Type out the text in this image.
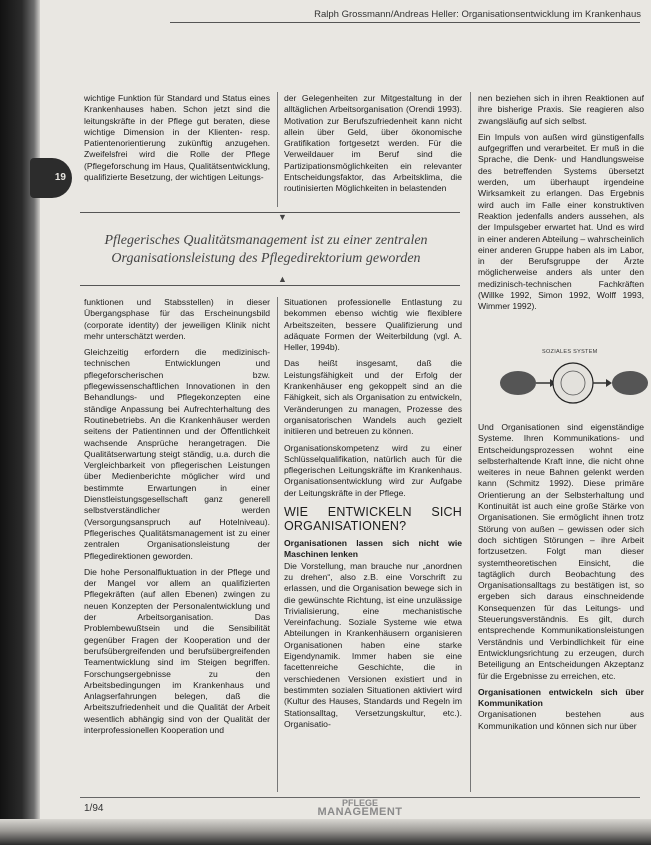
Ralph Grossmann/Andreas Heller: Organisationsentwicklung im Krankenhaus
19
wichtige Funktion für Standard und Status eines Krankenhauses haben. Schon jetzt sind die leitungskräfte in der Pflege gut beraten, diese wichtige Dimension in der Klienten- resp. Patientenorientierung zukünftig anzugehen. Zweifelsfrei wird die Rolle der Pflege (Pflegeforschung im Haus, Qualitätsentwicklung, qualifizierte Besetzung, der wichtigen Leitungs-
der Gelegenheiten zur Mitgestaltung in der alltäglichen Arbeitsorganisation (Orendi 1993). Motivation zur Berufszufriedenheit kann nicht allein über Geld, über ökonomische Gratifikation fortgesetzt werden. Für die Verweildauer im Beruf sind die Partizipationsmöglichkeiten ein relevanter Entscheidungsfaktor, das Arbeitsklima, die routinisierten Möglichkeiten in belastenden

nen beziehen sich in ihren Reaktionen auf ihre bisherige Praxis. Sie reagieren also zwangsläufig auf sich selbst.

Ein Impuls von außen wird günstigenfalls aufgegriffen und verarbeitet. Er muß in die Sprache, die Denk- und Handlungsweise des betreffenden Systems übersetzt werden, um überhaupt irgendeine Wirksamkeit zu erlangen. Das Ergebnis wird auch im Falle einer konstruktiven Reaktion jedenfalls anders aussehen, als der Impulsgeber erwartet hat. Und es wird in einer anderen Abteilung – wahrscheinlich einer anderen Gruppe haben als im Labor, in der Berufsgruppe der Ärzte möglicherweise anders als unter den medizinisch-technischen Fachkräften (Willke 1992, Simon 1992, Wolff 1993, Wimmer 1992).

▼
Pflegerisches Qualitätsmanagement ist zu einer zentralen
Organisationsleistung des Pflegedirektorium geworden
▲

funktionen und Stabsstellen) in dieser Übergangsphase für das Erscheinungsbild (corporate identity) der jeweiligen Klinik nicht mehr unterschätzt werden.

Gleichzeitig erfordern die medizinisch-technischen Entwicklungen und pflegeforscherischen bzw. pflegewissenschaftlichen Innovationen in den Behandlungs- und Pflegekonzepten eine ständige Anpassung bei Aufrechterhaltung des Routinebetriebs. An die Krankenhäuser werden seitens der Patientinnen und der Öffentlichkeit wachsende Ansprüche herangetragen. Die Qualitätserwartung steigt ständig, u.a. durch die Vergleichbarkeit von pflegerischen Leistungen über Medienberichte möglicher wird und bestimmte Erwartungen in einer Dienstleistungsgesellschaft ganz generell selbstverständlicher werden (Versorgungsanspruch auf Hotelniveau). Pflegerisches Qualitätsmanagement ist zu einer zentralen Organisationsleistung der Pflegedirektionen geworden.

Die hohe Personalfluktuation in der Pflege und der Mangel vor allem an qualifizierten Pflegekräften (auf allen Ebenen) zwingen zu neuen Konzepten der Personalentwicklung und der Arbeitsorganisation. Das Problembewußtsein und die Sensibilität gegenüber Fragen der Kooperation und der berufsübergreifenden und berufsübergreifenden Teamentwicklung sind im Steigen begriffen. Forschungsergebnisse zu den Arbeitsbedingungen im Krankenhaus und Anlagserfahrungen belegen, daß die Arbeitszufriedenheit und die Qualität der Arbeit wesentlich abhängig sind von der Qualität der interprofessionellen Kooperation und

Situationen professionelle Entlastung zu bekommen ebenso wichtig wie flexiblere Arbeitszeiten, bessere Qualifizierung und adäquate Formen der Weiterbildung (vgl. A. Heller, 1994b).

Das heißt insgesamt, daß die Leistungsfähigkeit und der Erfolg der Krankenhäuser eng gekoppelt sind an die Fähigkeit, sich als Organisation zu entwickeln, Veränderungen zu managen, Prozesse des organisatorischen Wandels auch gezielt initiieren und betreuen zu können.

Organisationskompetenz wird zu einer Schlüsselqualifikation, natürlich auch für die pflegerischen Leitungskräfte im Krankenhaus. Organisationsentwicklung wird zur Aufgabe der Leitungskräfte in der Pflege.

WIE ENTWICKELN SICH ORGANISATIONEN?

Organisationen lassen sich nicht wie Maschinen lenken

Die Vorstellung, man brauche nur „anordnen zu drehen“, also z.B. eine Vorschrift zu erlassen, und die Organisation bewege sich in die gewünschte Richtung, ist eine unzulässige Trivialisierung, eine mechanistische Vereinfachung. Soziale Systeme wie etwa Abteilungen in Krankenhäusern organisieren Organisationen haben eine starke Eigendynamik. Immer haben sie eine facettenreiche Geschichte, die in verschiedenen Versionen existiert und in bestimmten sozialen Situationen aktiviert wird (Kultur des Hauses, Standards und Regeln im Stationsalltag, Versetzungskultur, etc.). Organisatio-

SOZIALES SYSTEM

Und Organisationen sind eigenständige Systeme. Ihren Kommunikations- und Entscheidungsprozessen wohnt eine selbsterhaltende Kraft inne, die nicht ohne weiteres in neue Bahnen gelenkt werden kann (Schmitz 1992). Diese primäre Orientierung an der Selbsterhaltung und Kontinuität ist auch eine große Stärke von Organisationen. Sie ermöglicht ihnen trotz Störung von außen – gewissen oder sich doch sichtigen Störungen – ihre Arbeit fortzusetzen. Folgt man dieser systemtheoretischen Einsicht, die tagtäglich durch Beobachtung des Organisationsalltags zu bestätigen ist, so ergeben sich daraus einschneidende Konsequenzen für das Leitungs- und Steuerungsverständnis. Es gilt, durch entsprechende Kommunikationsleistungen Verständnis und Verbindlichkeit für eine Entwicklungsrichtung zu erzeugen, durch Beteiligung an Entscheidungen Akzeptanz für die Ergebnisse zu erreichen, etc.

Organisationen entwickeln sich über Kommunikation

Organisationen bestehen aus Kommunikation und können sich nur über

1/94	PFLEGE
MANAGEMENT
